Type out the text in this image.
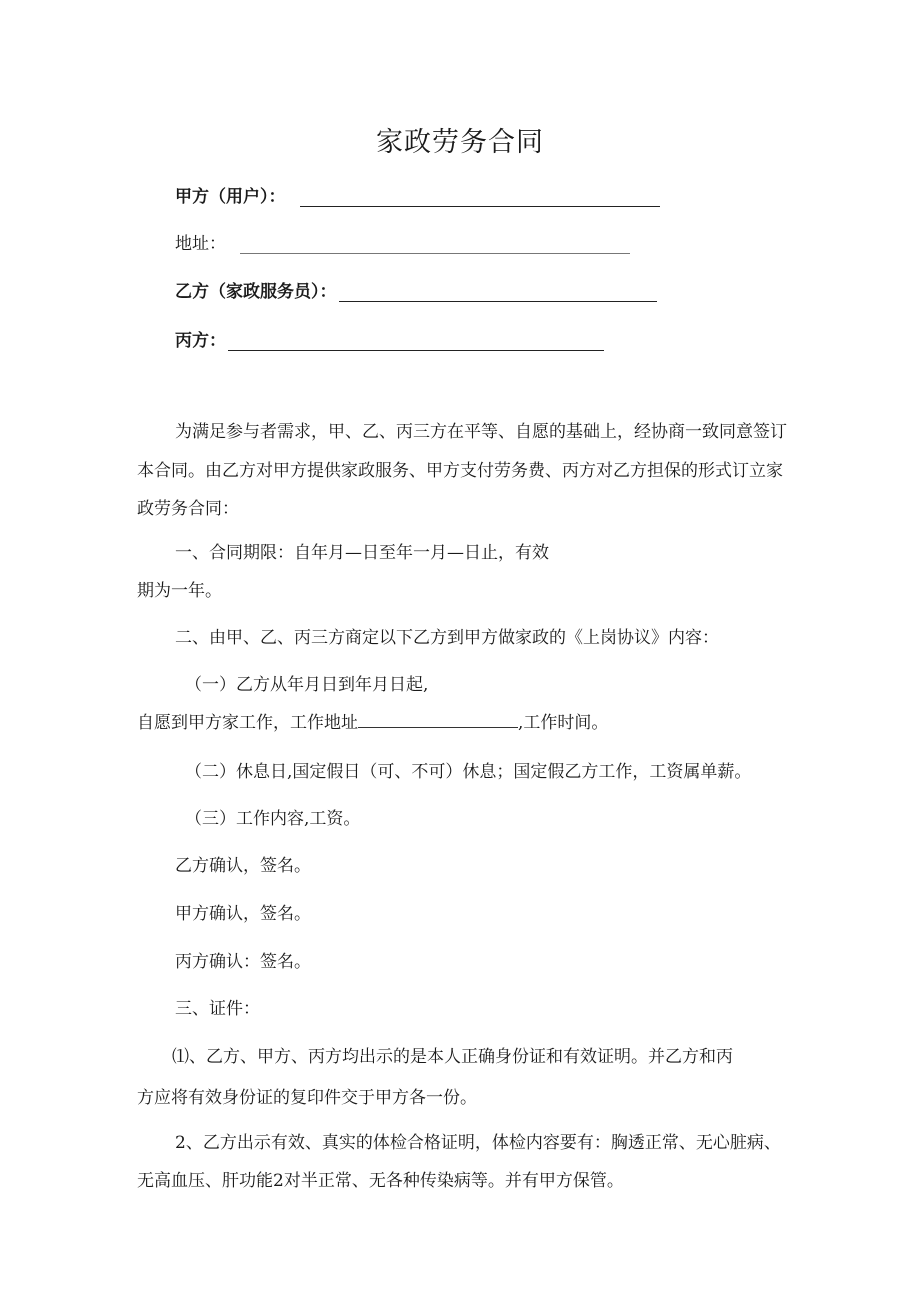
家政劳务合同
甲方（用户）：
地址：
乙方（家政服务员）：
丙方：
为满足参与者需求，甲、乙、丙三方在平等、自愿的基础上，经协商一致同意签订
本合同。由乙方对甲方提供家政服务、甲方支付劳务费、丙方对乙方担保的形式订立家
政劳务合同：
一、合同期限：自年月—日至年一月—日止，有效
期为一年。
二、由甲、乙、丙三方商定以下乙方到甲方做家政的《上岗协议》内容：
（一）乙方从年月日到年月日起,
自愿到甲方家工作，工作地址	,工作时间。
（二）休息日,国定假日（可、不可）休息；国定假乙方工作，工资属单薪。
（三）工作内容,工资。
乙方确认，签名。
甲方确认，签名。
丙方确认：签名。
三、证件：
⑴、乙方、甲方、丙方均出示的是本人正确身份证和有效证明。并乙方和丙
方应将有效身份证的复印件交于甲方各一份。
2、乙方出示有效、真实的体检合格证明，体检内容要有：胸透正常、无心脏病、
无高血压、肝功能2对半正常、无各种传染病等。并有甲方保管。
